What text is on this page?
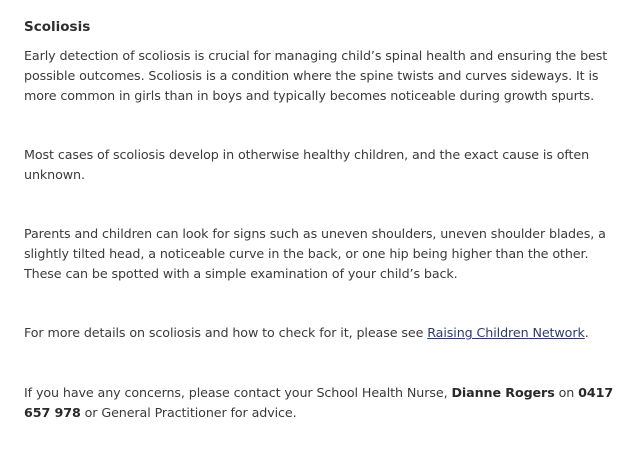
Scoliosis

Early detection of scoliosis is crucial for managing child’s spinal health and ensuring the best possible outcomes. Scoliosis is a condition where the spine twists and curves sideways. It is more common in girls than in boys and typically becomes noticeable during growth spurts.

Most cases of scoliosis develop in otherwise healthy children, and the exact cause is often unknown.

Parents and children can look for signs such as uneven shoulders, uneven shoulder blades, a slightly tilted head, a noticeable curve in the back, or one hip being higher than the other. These can be spotted with a simple examination of your child’s back.

For more details on scoliosis and how to check for it, please see Raising Children Network.

If you have any concerns, please contact your School Health Nurse, Dianne Rogers on 0417 657 978 or General Practitioner for advice.
